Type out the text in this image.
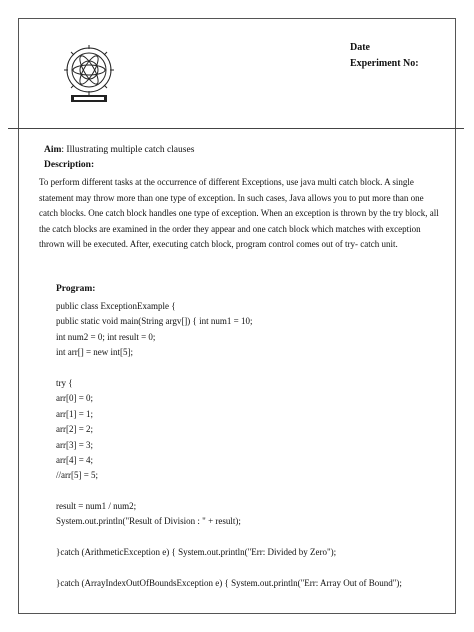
Date
Experiment No:
Aim: Illustrating multiple catch clauses
Description:
To perform different tasks at the occurrence of different Exceptions, use java multi catch block. A single statement may throw more than one type of exception. In such cases, Java allows you to put more than one catch blocks. One catch block handles one type of exception. When an exception is thrown by the try block, all the catch blocks are examined in the order they appear and one catch block which matches with exception thrown will be executed. After, executing catch block, program control comes out of try- catch unit.
Program:
public class ExceptionExample {
public static void main(String argv[]) { int num1 = 10;
int num2 = 0; int result = 0;
int arr[] = new int[5];
try {
arr[0] = 0;
arr[1] = 1;
arr[2] = 2;
arr[3] = 3;
arr[4] = 4;
//arr[5] = 5;
result = num1 / num2;
System.out.println("Result of Division : " + result);
}catch (ArithmeticException e) { System.out.println("Err: Divided by Zero");
}catch (ArrayIndexOutOfBoundsException e) { System.out.println("Err: Array Out of Bound");
